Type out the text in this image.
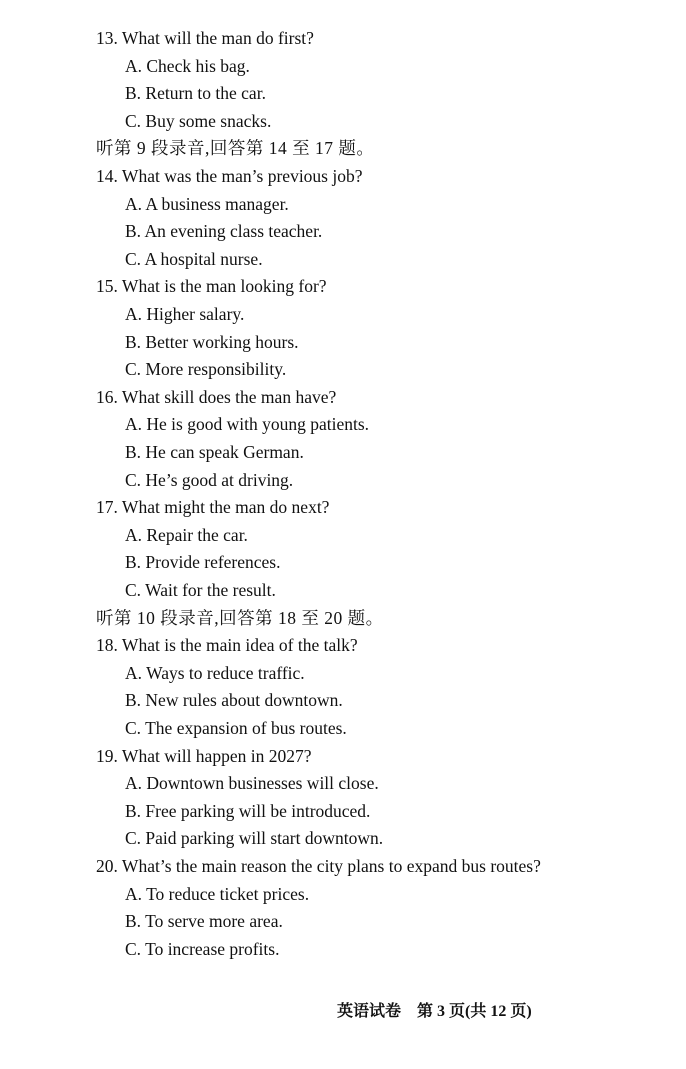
13. What will the man do first?
A. Check his bag.
B. Return to the car.
C. Buy some snacks.
听第 9 段录音,回答第 14 至 17 题。
14. What was the man’s previous job?
A. A business manager.
B. An evening class teacher.
C. A hospital nurse.
15. What is the man looking for?
A. Higher salary.
B. Better working hours.
C. More responsibility.
16. What skill does the man have?
A. He is good with young patients.
B. He can speak German.
C. He’s good at driving.
17. What might the man do next?
A. Repair the car.
B. Provide references.
C. Wait for the result.
听第 10 段录音,回答第 18 至 20 题。
18. What is the main idea of the talk?
A. Ways to reduce traffic.
B. New rules about downtown.
C. The expansion of bus routes.
19. What will happen in 2027?
A. Downtown businesses will close.
B. Free parking will be introduced.
C. Paid parking will start downtown.
20. What’s the main reason the city plans to expand bus routes?
A. To reduce ticket prices.
B. To serve more area.
C. To increase profits.
英语试卷　第 3 页(共 12 页)
